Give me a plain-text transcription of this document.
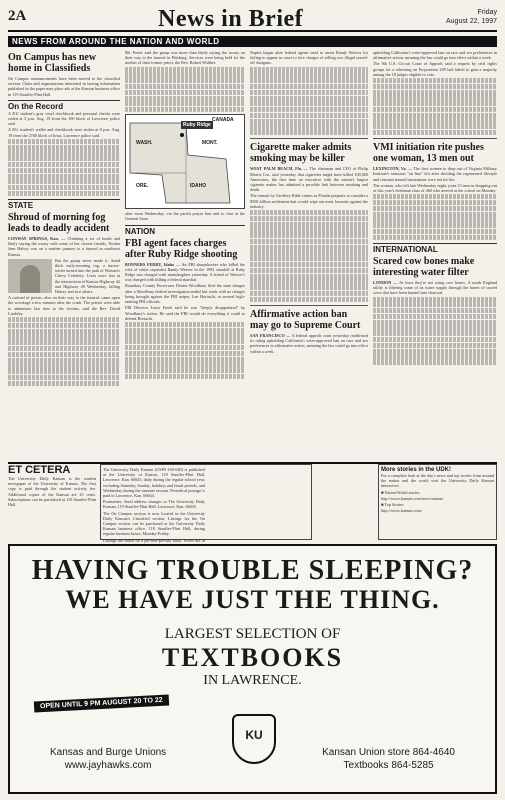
2A	News in Brief	Friday
August 22, 1997
NEWS FROM AROUND THE NATION AND WORLD
On Campus has new home in Classifieds

On Campus announcements have been moved to the classified section. Clubs and organizations interested in having information published in the paper may place ads at the Kansan business office in 119 Stauffer-Flint Hall.

On the Record

A KU student's gray vinyl checkbook and personal checks were stolen at 3 p.m. Aug. 19 from the 100 block of Lawrence police said.

A KU student's wallet and checkbook were stolen at 8 p.m. Aug. 19 from the 2700 block of Iowa, Lawrence police said.

STATE
Shroud of morning fog leads to deadly accident

CONWAY SPRINGS, Kan. — Climbing a set of heads and likely saying the rosary with some of her closest friends, Norma Jean Halsey was on a somber journey to a funeral in southeast Kansas.

But the group never made it. Amid thick early-morning fog, a tractor-trailer turned into the path of Women's Chevy Celebrity. Lives were lost at the intersection of Kansas Highway 42 and Highway 49 Wednesday, killing Halsey and two others.

A carload of priests, also on their way to the funeral, came upon the wreckage a few minutes after the crash. The priests were able to administer last rites to the victims, said the Rev. David Lindsley.

Mr. Porter said the group was more than likely saying the rosary on their way to the funeral in Pittsburg. Services were being held for the mother of their former priest, the Rev. Robert Walther.

Ruby Ridge
WASH.	MONT.
ORE.	IDAHO
CANADA

after noon Wednesday, via the parish prayer line and to chat at the General Store.

NATION
FBI agent faces charges after Ruby Ridge shooting

BONNERS FERRY, Idaho — An FBI sharpshooter who killed the wife of white separatist Randy Weaver in the 1992 standoff at Ruby Ridge was charged with manslaughter yesterday. A friend of Weaver's was charged with killing a federal marshal.

Boundary County Prosecutor Denise Woodbury filed the state charges after a Woodbury federal investigation ended last week with no charges being brought against the FBI sniper, Lon Horiuchi, or several high-ranking FBI officials.

FBI Director Louis Freeh said he was "deeply disappointed" by Woodbury's action. He said the FBI would do everything it could to defend Horiuchi.

Naples began after federal agents tried to arrest Randy Weaver for failing to appear in court to face charges of selling two illegal sawed-off shotguns.

Cigarette maker admits smoking may be killer

WEST PALM BEACH, Fla. — The chairman and CEO of Philip Morris Cos. said yesterday that cigarettes might have killed 100,000 Americans, the first time an executive with the nation's largest cigarette maker has admitted a possible link between smoking and death.

The remark by Geoffrey Bible comes as Florida prepares to consider a $500 billion settlement that would wipe out most lawsuits against the industry.

Affirmative action ban may go to Supreme Court

SAN FRANCISCO — A federal appeals court yesterday reaffirmed its ruling upholding California's voter-approved ban on race and sex preferences in affirmative action, meaning the law could go into effect within a week.

upholding California's voter-approved ban on race and sex preferences in affirmative action, meaning the law could go into effect within a week.

The 9th U.S. Circuit Court of Appeals said a request by civil rights groups for a rehearing on Proposition 209 had failed to gain a majority among the 18 judges eligible to vote.

VMI initiation rite pushes one woman, 13 men out

LEXINGTON, Va. — The first women to drop out of Virginia Military Institute's torturous "rat line" left after deciding the regimented lifestyle and constant mental harassment were not for her.

The woman, who left late Wednesday night, joins 13 men in dropping out of this year's freshman class of 460 who arrived at the school on Monday.

INTERNATIONAL
Scared cow bones make interesting water filter

LONDON — At least they're not using cow bones. A north England utility is filtering some of its water supply through the bones of sacred cows that have been burned into charcoal.

ET CETERA

The University Daily Kansan is the student newspaper of the University of Kansas. The first copy is paid through the student activity fee. Additional copies of the Kansan are 25 cents. Subscriptions can be purchased at 119 Stauffer-Flint Hall.

The University Daily Kansan (USPS 650-640) is published at the University of Kansas, 119 Stauffer-Flint Hall, Lawrence, Kan. 66045, daily during the regular school year, excluding Saturday, Sunday, holidays and finals periods, and Wednesday during the summer session. Periodical postage is paid in Lawrence, Kan. 66044.

Postmaster: Send address changes to The University Daily Kansan, 119 Stauffer-Flint Hall, Lawrence, Kan. 66045.

The On Campus section is now located in the University Daily Kansan's Classified section. Listings for the On Campus section can be purchased at the University Daily Kansan business office, 119 Stauffer-Flint Hall, during regular business hours, Monday-Friday.

Listings are billed on a per-line-per-day basis. Prices are at

More stories in the UDK!

For a complete look at the day's news and top stories from around the nation and the world visit the University Daily Kansan interactive.

■ Nation/World stories

http://www.kansan.com/news/nation/

■ Top Stories

http://www.kansan.com/

HAVING TROUBLE SLEEPING?
WE HAVE JUST THE THING.
LARGEST SELECTION OF
TEXTBOOKS
IN LAWRENCE.
OPEN UNTIL 9 PM AUGUST 20 TO 22
KU
Kansas and Burge Unions
www.jayhawks.com
Kansan Union store 864-4640
Textbooks 864-5285
